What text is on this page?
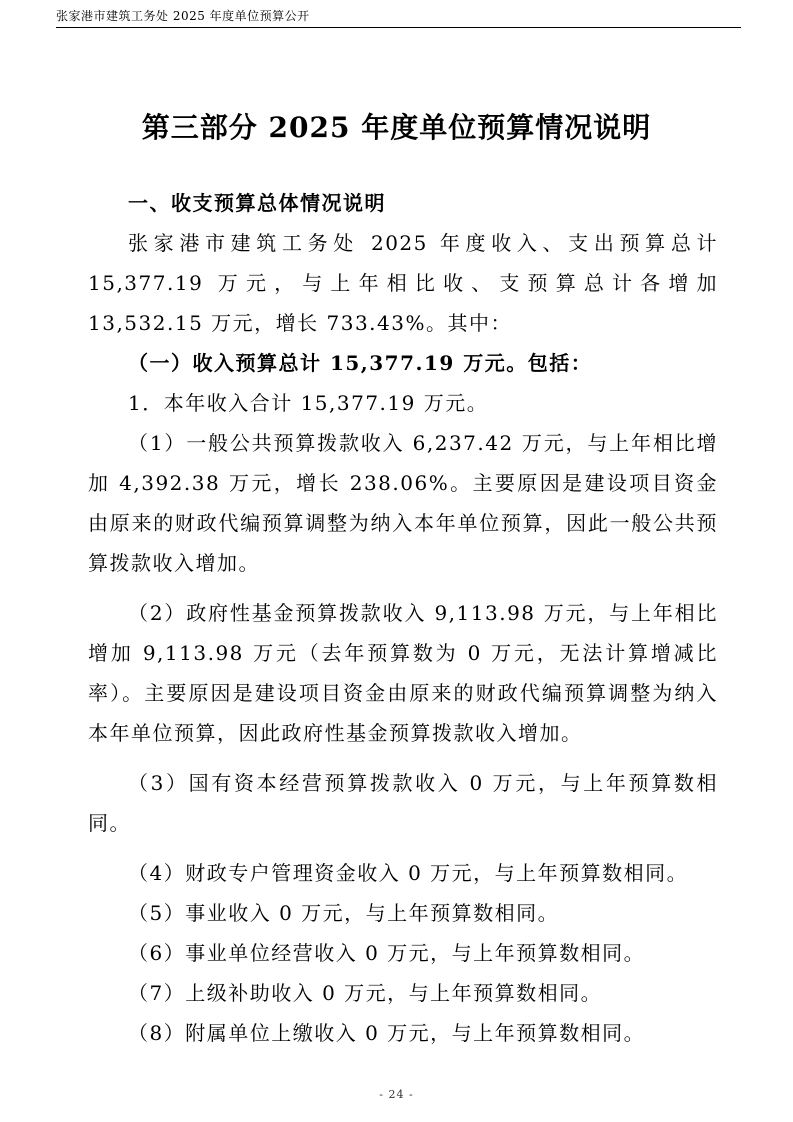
张家港市建筑工务处 2025 年度单位预算公开
第三部分 2025 年度单位预算情况说明

一、收支预算总体情况说明

张家港市建筑工务处 2025 年度收入、支出预算总计 15,377.19 万元，与上年相比收、支预算总计各增加 13,532.15 万元，增长 733.43%。其中：

（一）收入预算总计 15,377.19 万元。包括：

1．本年收入合计 15,377.19 万元。

（1）一般公共预算拨款收入 6,237.42 万元，与上年相比增加 4,392.38 万元，增长 238.06%。主要原因是建设项目资金由原来的财政代编预算调整为纳入本年单位预算，因此一般公共预算拨款收入增加。

（2）政府性基金预算拨款收入 9,113.98 万元，与上年相比增加 9,113.98 万元（去年预算数为 0 万元，无法计算增减比率）。主要原因是建设项目资金由原来的财政代编预算调整为纳入本年单位预算，因此政府性基金预算拨款收入增加。

（3）国有资本经营预算拨款收入 0 万元，与上年预算数相同。

（4）财政专户管理资金收入 0 万元，与上年预算数相同。

（5）事业收入 0 万元，与上年预算数相同。

（6）事业单位经营收入 0 万元，与上年预算数相同。

（7）上级补助收入 0 万元，与上年预算数相同。

（8）附属单位上缴收入 0 万元，与上年预算数相同。

- 24 -
